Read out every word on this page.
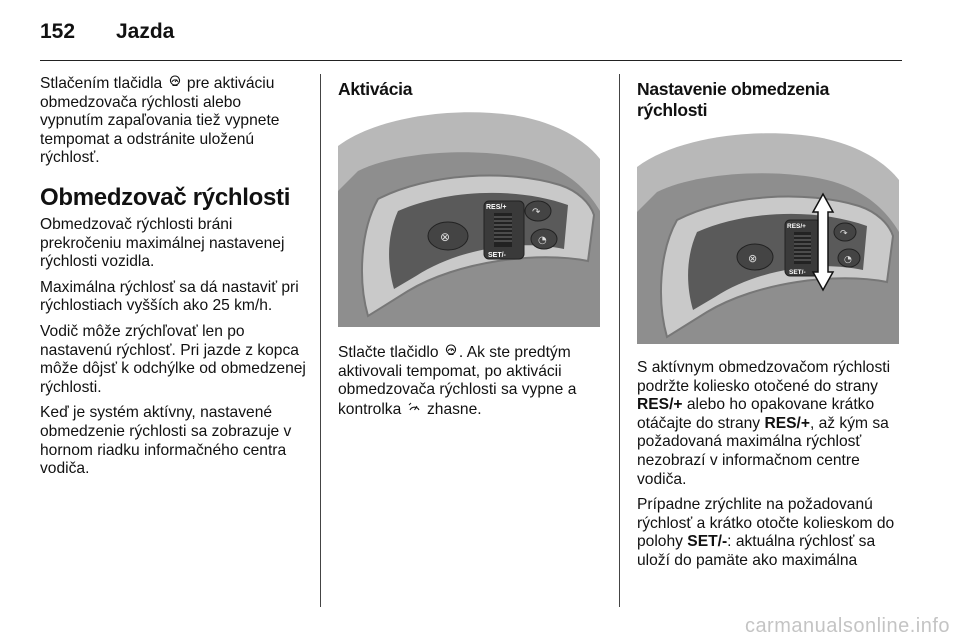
152 Jazda

Stlačením tlačidla pre aktiváciu obmedzovača rýchlosti alebo vypnutím zapaľovania tiež vypnete tempomat a odstránite uloženú rýchlosť.

Obmedzovač rýchlosti

Obmedzovač rýchlosti bráni prekročeniu maximálnej nastavenej rýchlosti vozidla.

Maximálna rýchlosť sa dá nastaviť pri rýchlostiach vyšších ako 25 km/h.

Vodič môže zrýchľovať len po nastavenú rýchlosť. Pri jazde z kopca môže dôjsť k odchýlke od obmedzenej rýchlosti.

Keď je systém aktívny, nastavené obmedzenie rýchlosti sa zobrazuje v hornom riadku informačného centra vodiča.

Aktivácia
⊗
RES/+
SET/-
↷
◔

Stlačte tlačidlo . Ak ste predtým aktivovali tempomat, po aktivácii obmedzovača rýchlosti sa vypne a kontrolka zhasne.

Nastavenie obmedzenia rýchlosti
⊗
RES/+
SET/-
↷
◔

S aktívnym obmedzovačom rýchlosti podržte koliesko otočené do strany RES/+ alebo ho opakovane krátko otáčajte do strany RES/+, až kým sa požadovaná maximálna rýchlosť nezobrazí v informačnom centre vodiča.

Prípadne zrýchlite na požadovanú rýchlosť a krátko otočte kolieskom do polohy SET/-: aktuálna rýchlosť sa uloží do pamäte ako maximálna

carmanualsonline.info
